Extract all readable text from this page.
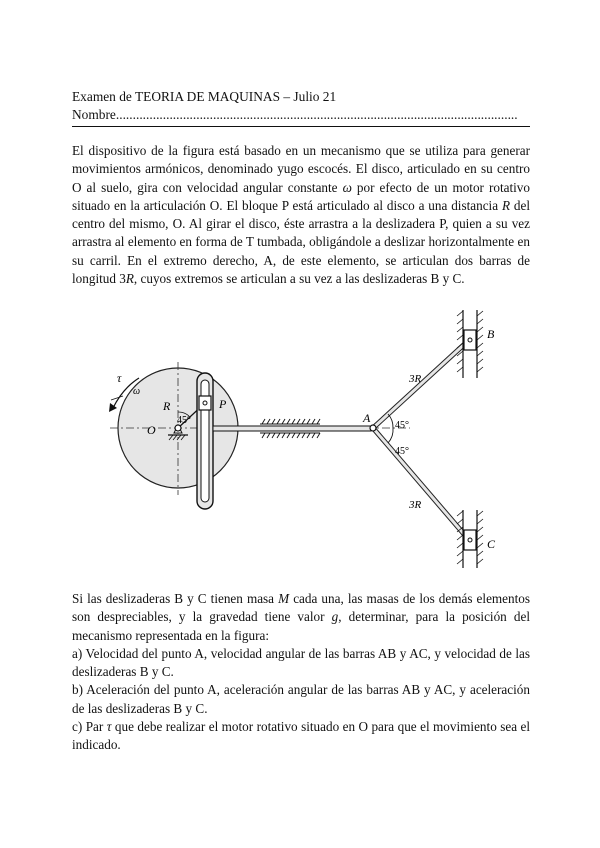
Examen de TEORIA DE MAQUINAS – Julio 21
Nombre........................................................................................................................

El dispositivo de la figura está basado en un mecanismo que se utiliza para generar movimientos armónicos, denominado yugo escocés. El disco, articulado en su centro O al suelo, gira con velocidad angular constante ω por efecto de un motor rotativo situado en la articulación O. El bloque P está articulado al disco a una distancia R del centro del mismo, O. Al girar el disco, éste arrastra a la deslizadera P, quien a su vez arrastra al elemento en forma de T tumbada, obligándole a deslizar horizontalmente en su carril. En el extremo derecho, A, de este elemento, se articulan dos barras de longitud 3R, cuyos extremos se articulan a su vez a las deslizaderas B y C.

τ
ω
R
O
45°
P
A
45°
45°
3R
3R
B
C

Si las deslizaderas B y C tienen masa M cada una, las masas de los demás elementos son despreciables, y la gravedad tiene valor g, determinar, para la posición del mecanismo representada en la figura:

a) Velocidad del punto A, velocidad angular de las barras AB y AC, y velocidad de las deslizaderas B y C.

b) Aceleración del punto A, aceleración angular de las barras AB y AC, y aceleración de las deslizaderas B y C.

c) Par τ que debe realizar el motor rotativo situado en O para que el movimiento sea el indicado.
